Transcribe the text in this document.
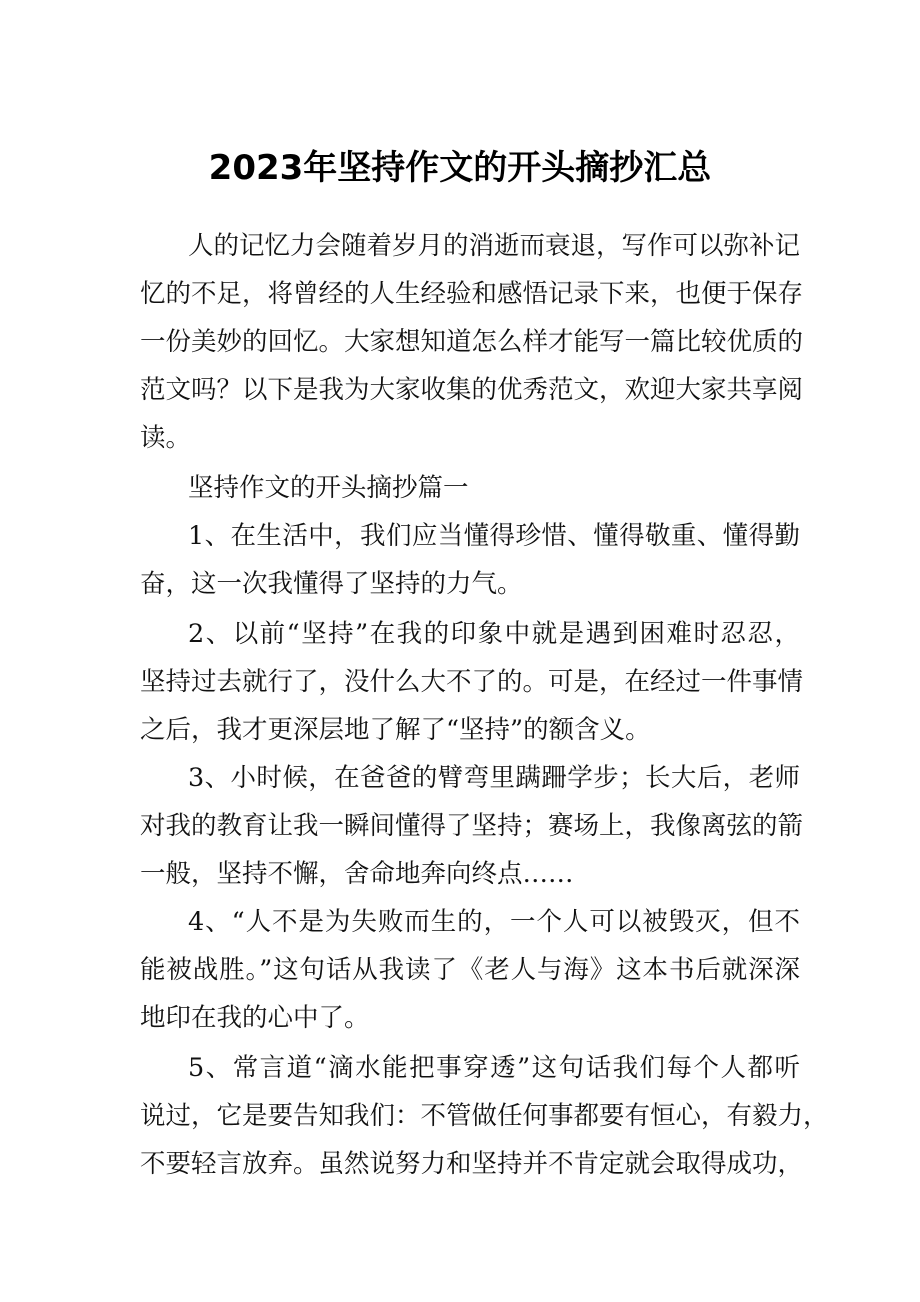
2023年坚持作文的开头摘抄汇总
人的记忆力会随着岁月的消逝而衰退，写作可以弥补记
忆的不足，将曾经的人生经验和感悟记录下来，也便于保存
一份美妙的回忆。大家想知道怎么样才能写一篇比较优质的
范文吗？以下是我为大家收集的优秀范文，欢迎大家共享阅
读。
坚持作文的开头摘抄篇一
1、在生活中，我们应当懂得珍惜、懂得敬重、懂得勤
奋，这一次我懂得了坚持的力气。
2、以前“坚持”在我的印象中就是遇到困难时忍忍，
坚持过去就行了，没什么大不了的。可是，在经过一件事情
之后，我才更深层地了解了“坚持”的额含义。
3、小时候，在爸爸的臂弯里蹒跚学步；长大后，老师
对我的教育让我一瞬间懂得了坚持；赛场上，我像离弦的箭
一般，坚持不懈，舍命地奔向终点……
4、“人不是为失败而生的，一个人可以被毁灭，但不
能被战胜。”这句话从我读了《老人与海》这本书后就深深
地印在我的心中了。
5、常言道“滴水能把事穿透”这句话我们每个人都听
说过，它是要告知我们：不管做任何事都要有恒心，有毅力，
不要轻言放弃。虽然说努力和坚持并不肯定就会取得成功，
